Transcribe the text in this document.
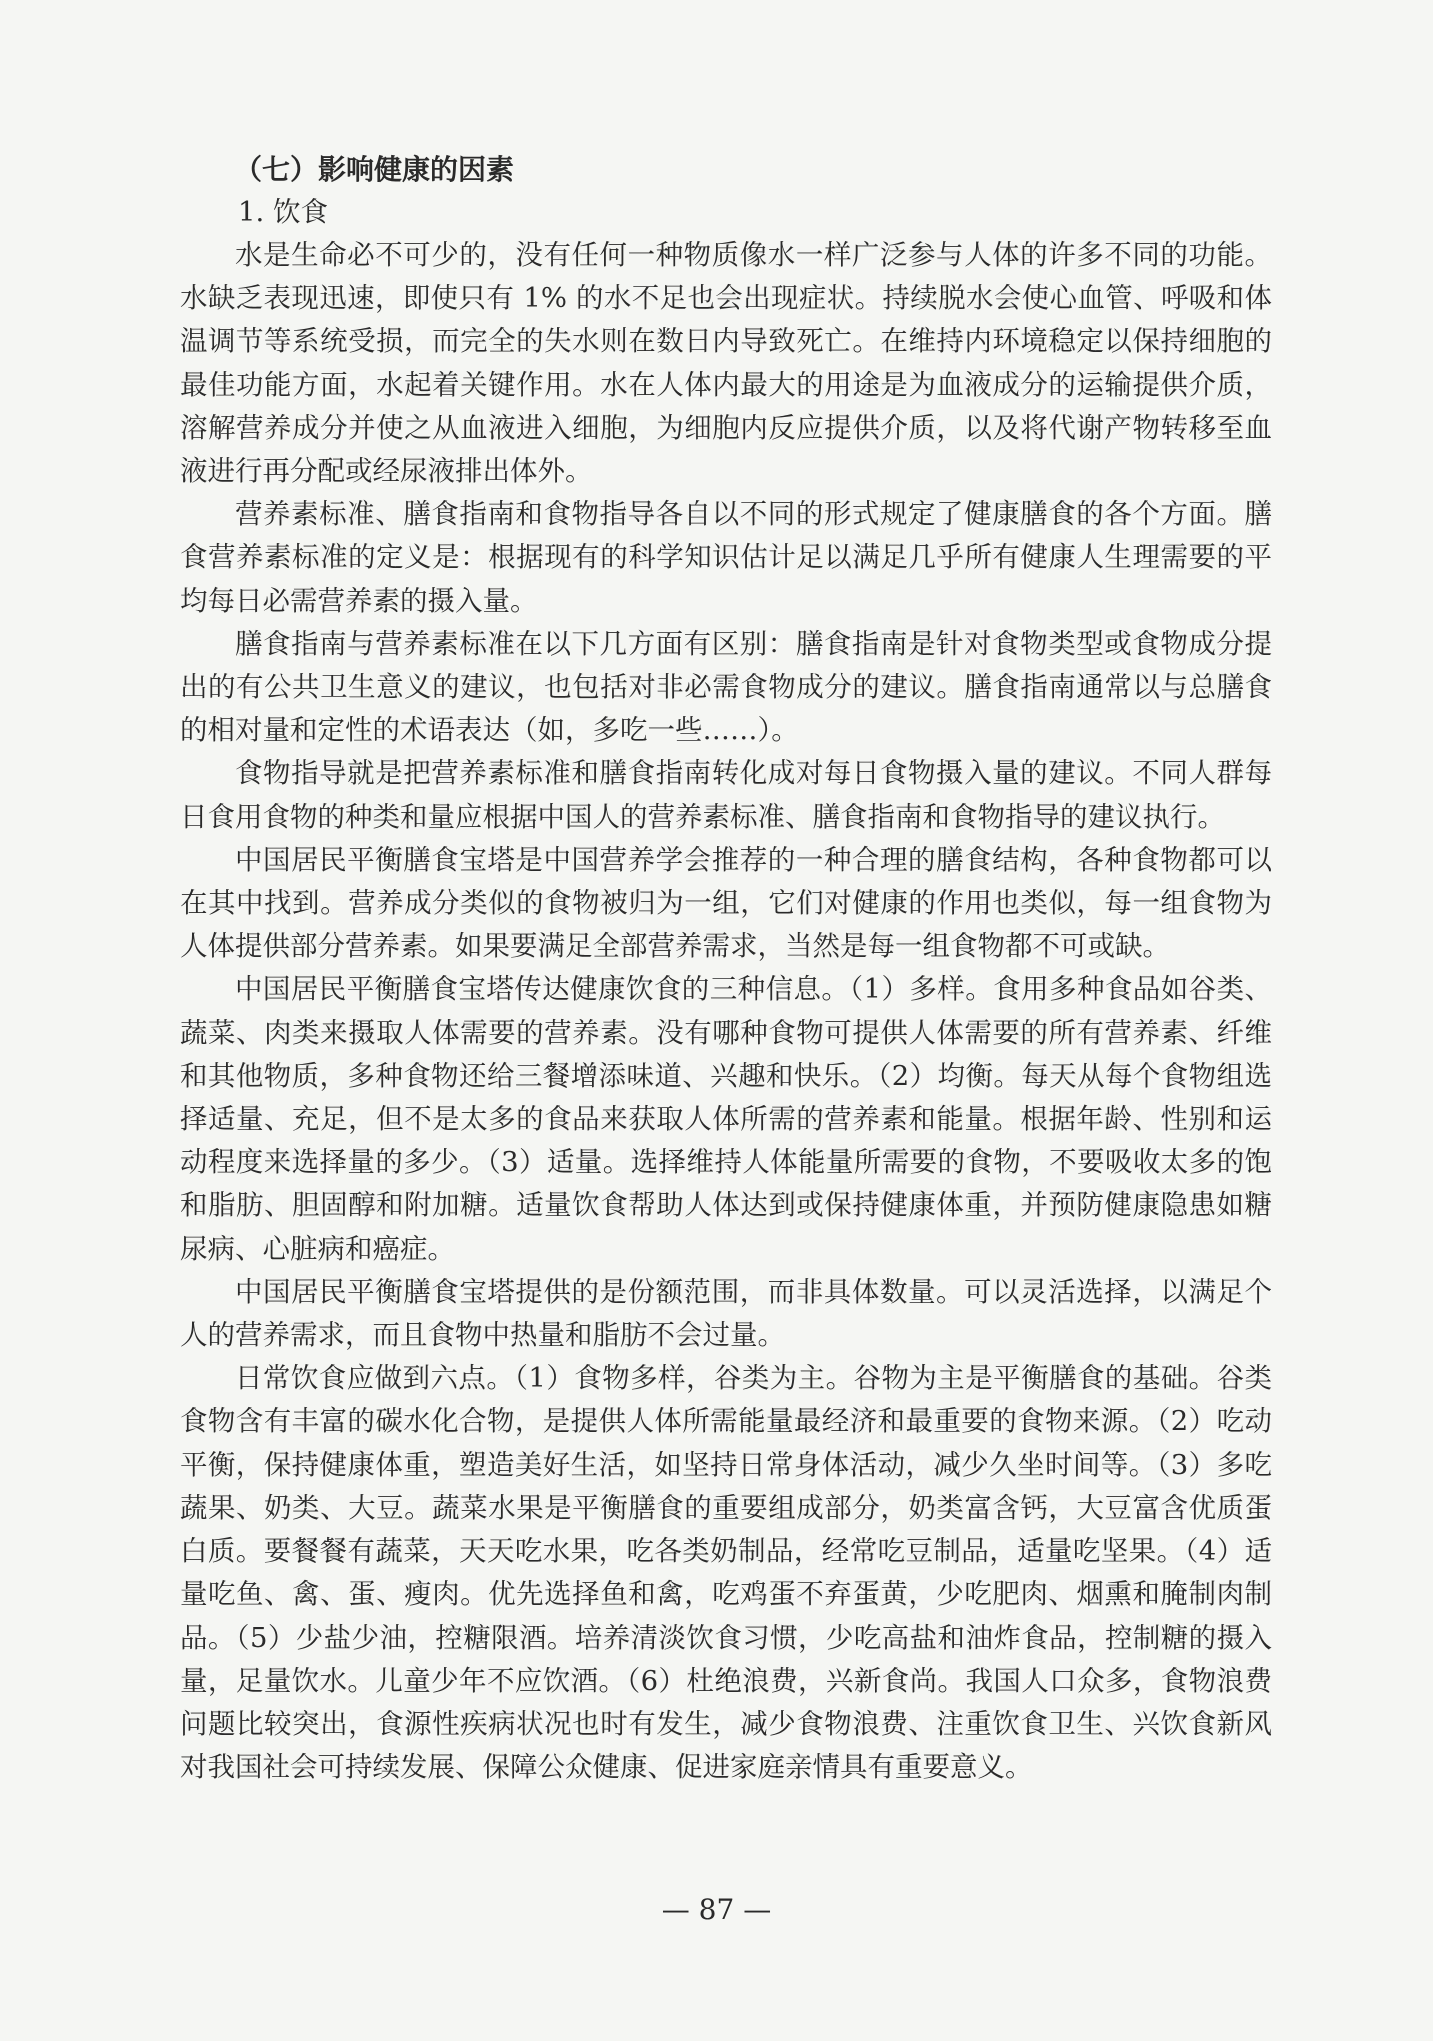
（七）影响健康的因素

1. 饮食

水是生命必不可少的，没有任何一种物质像水一样广泛参与人体的许多不同的功能。水缺乏表现迅速，即使只有 1% 的水不足也会出现症状。持续脱水会使心血管、呼吸和体温调节等系统受损，而完全的失水则在数日内导致死亡。在维持内环境稳定以保持细胞的最佳功能方面，水起着关键作用。水在人体内最大的用途是为血液成分的运输提供介质，溶解营养成分并使之从血液进入细胞，为细胞内反应提供介质，以及将代谢产物转移至血液进行再分配或经尿液排出体外。

营养素标准、膳食指南和食物指导各自以不同的形式规定了健康膳食的各个方面。膳食营养素标准的定义是：根据现有的科学知识估计足以满足几乎所有健康人生理需要的平均每日必需营养素的摄入量。

膳食指南与营养素标准在以下几方面有区别：膳食指南是针对食物类型或食物成分提出的有公共卫生意义的建议，也包括对非必需食物成分的建议。膳食指南通常以与总膳食的相对量和定性的术语表达（如，多吃一些……）。

食物指导就是把营养素标准和膳食指南转化成对每日食物摄入量的建议。不同人群每日食用食物的种类和量应根据中国人的营养素标准、膳食指南和食物指导的建议执行。

中国居民平衡膳食宝塔是中国营养学会推荐的一种合理的膳食结构，各种食物都可以在其中找到。营养成分类似的食物被归为一组，它们对健康的作用也类似，每一组食物为人体提供部分营养素。如果要满足全部营养需求，当然是每一组食物都不可或缺。

中国居民平衡膳食宝塔传达健康饮食的三种信息。（1）多样。食用多种食品如谷类、蔬菜、肉类来摄取人体需要的营养素。没有哪种食物可提供人体需要的所有营养素、纤维和其他物质，多种食物还给三餐增添味道、兴趣和快乐。（2）均衡。每天从每个食物组选择适量、充足，但不是太多的食品来获取人体所需的营养素和能量。根据年龄、性别和运动程度来选择量的多少。（3）适量。选择维持人体能量所需要的食物，不要吸收太多的饱和脂肪、胆固醇和附加糖。适量饮食帮助人体达到或保持健康体重，并预防健康隐患如糖尿病、心脏病和癌症。

中国居民平衡膳食宝塔提供的是份额范围，而非具体数量。可以灵活选择，以满足个人的营养需求，而且食物中热量和脂肪不会过量。

日常饮食应做到六点。（1）食物多样，谷类为主。谷物为主是平衡膳食的基础。谷类食物含有丰富的碳水化合物，是提供人体所需能量最经济和最重要的食物来源。（2）吃动平衡，保持健康体重，塑造美好生活，如坚持日常身体活动，减少久坐时间等。（3）多吃蔬果、奶类、大豆。蔬菜水果是平衡膳食的重要组成部分，奶类富含钙，大豆富含优质蛋白质。要餐餐有蔬菜，天天吃水果，吃各类奶制品，经常吃豆制品，适量吃坚果。（4）适量吃鱼、禽、蛋、瘦肉。优先选择鱼和禽，吃鸡蛋不弃蛋黄，少吃肥肉、烟熏和腌制肉制品。（5）少盐少油，控糖限酒。培养清淡饮食习惯，少吃高盐和油炸食品，控制糖的摄入量，足量饮水。儿童少年不应饮酒。（6）杜绝浪费，兴新食尚。我国人口众多，食物浪费问题比较突出，食源性疾病状况也时有发生，减少食物浪费、注重饮食卫生、兴饮食新风对我国社会可持续发展、保障公众健康、促进家庭亲情具有重要意义。

— 87 —
